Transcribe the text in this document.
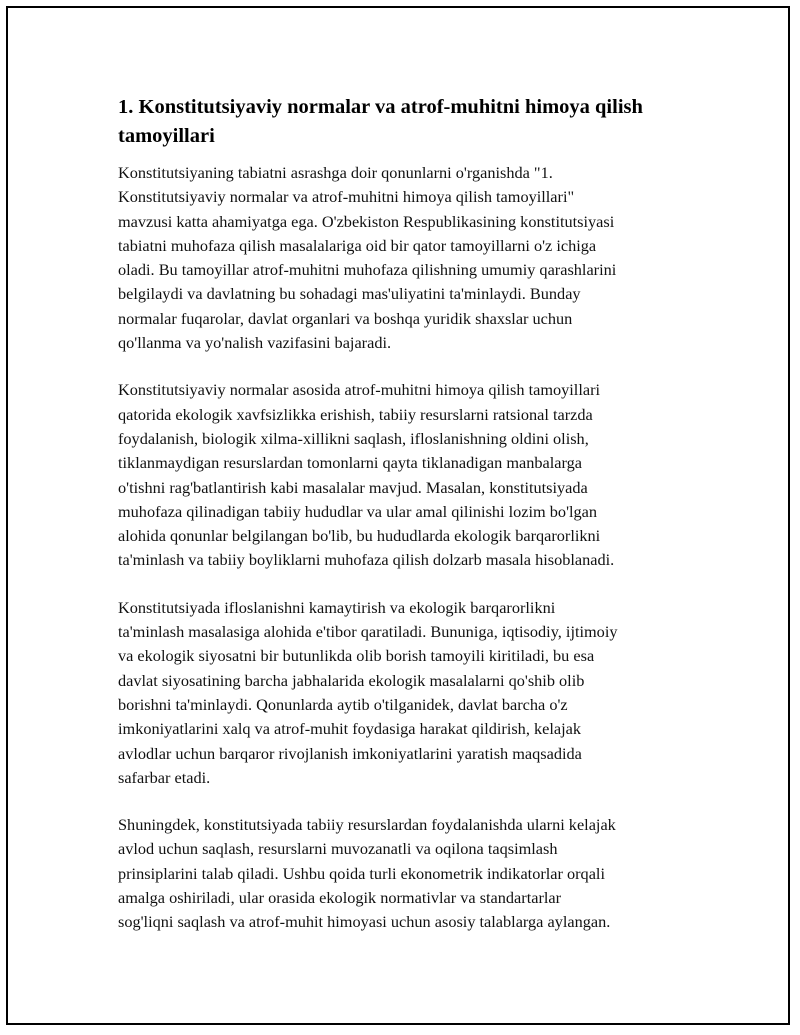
1. Konstitutsiyaviy normalar va atrof-muhitni himoya qilish tamoyillari

Konstitutsiyaning tabiatni asrashga doir qonunlarni o'rganishda "1.
Konstitutsiyaviy normalar va atrof-muhitni himoya qilish tamoyillari"
mavzusi katta ahamiyatga ega. O'zbekiston Respublikasining konstitutsiyasi
tabiatni muhofaza qilish masalalariga oid bir qator tamoyillarni o'z ichiga
oladi. Bu tamoyillar atrof-muhitni muhofaza qilishning umumiy qarashlarini
belgilaydi va davlatning bu sohadagi mas'uliyatini ta'minlaydi. Bunday
normalar fuqarolar, davlat organlari va boshqa yuridik shaxslar uchun
qo'llanma va yo'nalish vazifasini bajaradi.

Konstitutsiyaviy normalar asosida atrof-muhitni himoya qilish tamoyillari
qatorida ekologik xavfsizlikka erishish, tabiiy resurslarni ratsional tarzda
foydalanish, biologik xilma-xillikni saqlash, ifloslanishning oldini olish,
tiklanmaydigan resurslardan tomonlarni qayta tiklanadigan manbalarga
o'tishni rag'batlantirish kabi masalalar mavjud. Masalan, konstitutsiyada
muhofaza qilinadigan tabiiy hududlar va ular amal qilinishi lozim bo'lgan
alohida qonunlar belgilangan bo'lib, bu hududlarda ekologik barqarorlikni
ta'minlash va tabiiy boyliklarni muhofaza qilish dolzarb masala hisoblanadi.

Konstitutsiyada ifloslanishni kamaytirish va ekologik barqarorlikni
ta'minlash masalasiga alohida e'tibor qaratiladi. Bununiga, iqtisodiy, ijtimoiy
va ekologik siyosatni bir butunlikda olib borish tamoyili kiritiladi, bu esa
davlat siyosatining barcha jabhalarida ekologik masalalarni qo'shib olib
borishni ta'minlaydi. Qonunlarda aytib o'tilganidek, davlat barcha o'z
imkoniyatlarini xalq va atrof-muhit foydasiga harakat qildirish, kelajak
avlodlar uchun barqaror rivojlanish imkoniyatlarini yaratish maqsadida
safarbar etadi.

Shuningdek, konstitutsiyada tabiiy resurslardan foydalanishda ularni kelajak
avlod uchun saqlash, resurslarni muvozanatli va oqilona taqsimlash
prinsiplarini talab qiladi. Ushbu qoida turli ekonometrik indikatorlar orqali
amalga oshiriladi, ular orasida ekologik normativlar va standartarlar
sog'liqni saqlash va atrof-muhit himoyasi uchun asosiy talablarga aylangan.
